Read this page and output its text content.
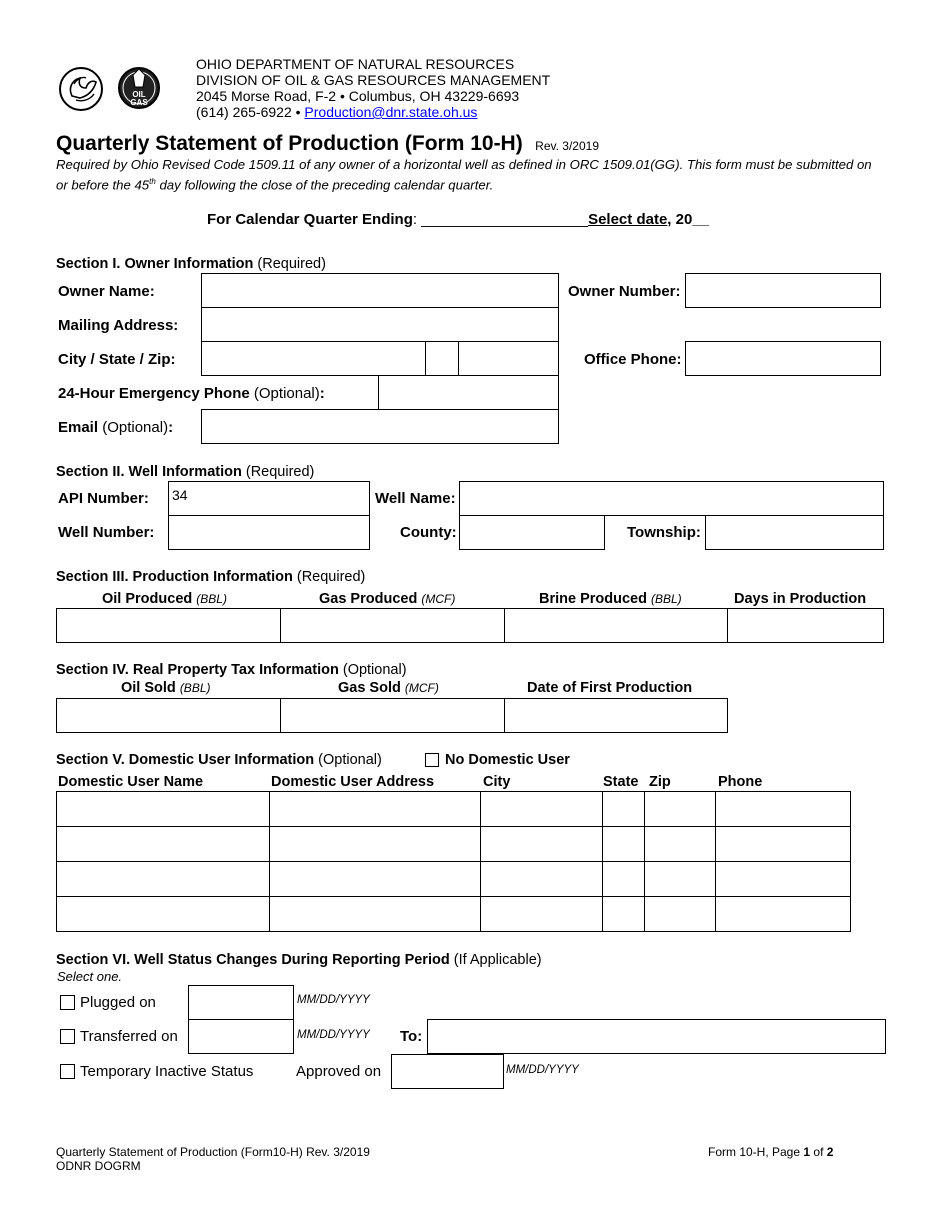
OIL
GAS
OHIO DEPARTMENT OF NATURAL RESOURCES
DIVISION OF OIL & GAS RESOURCES MANAGEMENT
2045 Morse Road, F-2 • Columbus, OH 43229-6693
(614) 265-6922 • Production@dnr.state.oh.us
Quarterly Statement of Production (Form 10-H) Rev. 3/2019
Required by Ohio Revised Code 1509.11 of any owner of a horizontal well as defined in ORC 1509.01(GG). This form must be submitted on or before the 45th day following the close of the preceding calendar quarter.
For Calendar Quarter Ending: ____________________Select date, 20__
Section I. Owner Information (Required)
Owner Name:	Owner Number:
Mailing Address:
City / State / Zip:	Office Phone:
24-Hour Emergency Phone (Optional):
Email (Optional):
Section II. Well Information (Required)
API Number: 34	Well Name:
Well Number:	County:	Township:
Section III. Production Information (Required)
Oil Produced (BBL)	Gas Produced (MCF)	Brine Produced (BBL)	Days in Production
Section IV. Real Property Tax Information (Optional)
Oil Sold (BBL)	Gas Sold (MCF)	Date of First Production
Section V. Domestic User Information (Optional)	No Domestic User
Domestic User Name	Domestic User Address	City	State Zip	Phone

Section VI. Well Status Changes During Reporting Period (If Applicable)
Select one.
Plugged on	MM/DD/YYYY
Transferred on	MM/DD/YYYY To:
Temporary Inactive Status	Approved on	MM/DD/YYYY
Quarterly Statement of Production (Form10-H) Rev. 3/2019
ODNR DOGRM
Form 10-H, Page 1 of 2
